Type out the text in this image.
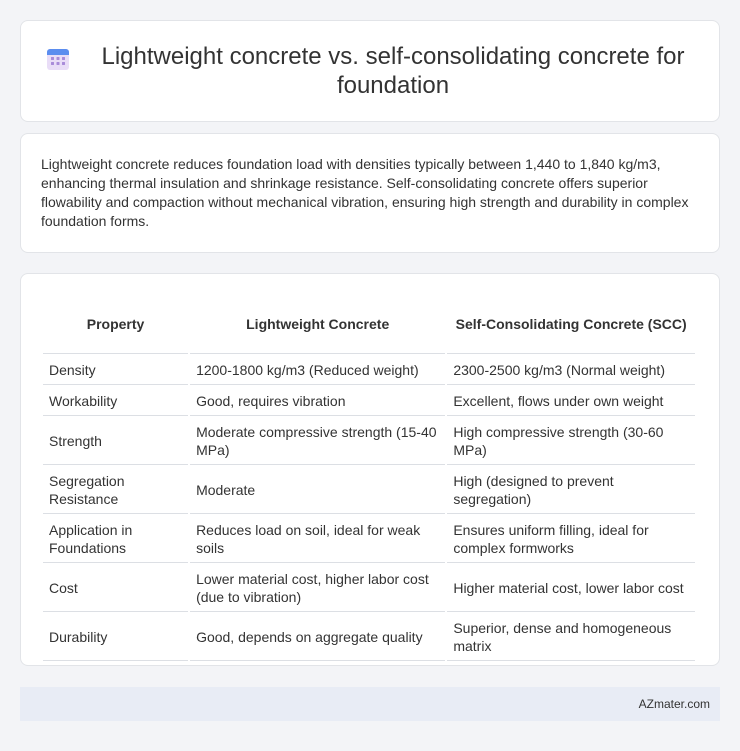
Lightweight concrete vs. self-consolidating concrete for foundation

Lightweight concrete reduces foundation load with densities typically between 1,440 to 1,840 kg/m3, enhancing thermal insulation and shrinkage resistance. Self-consolidating concrete offers superior flowability and compaction without mechanical vibration, ensuring high strength and durability in complex foundation forms.

Property	Lightweight Concrete	Self-Consolidating Concrete (SCC)
Density	1200-1800 kg/m3 (Reduced weight)	2300-2500 kg/m3 (Normal weight)
Workability	Good, requires vibration	Excellent, flows under own weight
Strength	Moderate compressive strength (15-40 MPa)	High compressive strength (30-60 MPa)
Segregation Resistance	Moderate	High (designed to prevent segregation)
Application in Foundations	Reduces load on soil, ideal for weak soils	Ensures uniform filling, ideal for complex formworks
Cost	Lower material cost, higher labor cost (due to vibration)	Higher material cost, lower labor cost
Durability	Good, depends on aggregate quality	Superior, dense and homogeneous matrix
AZmater.com
